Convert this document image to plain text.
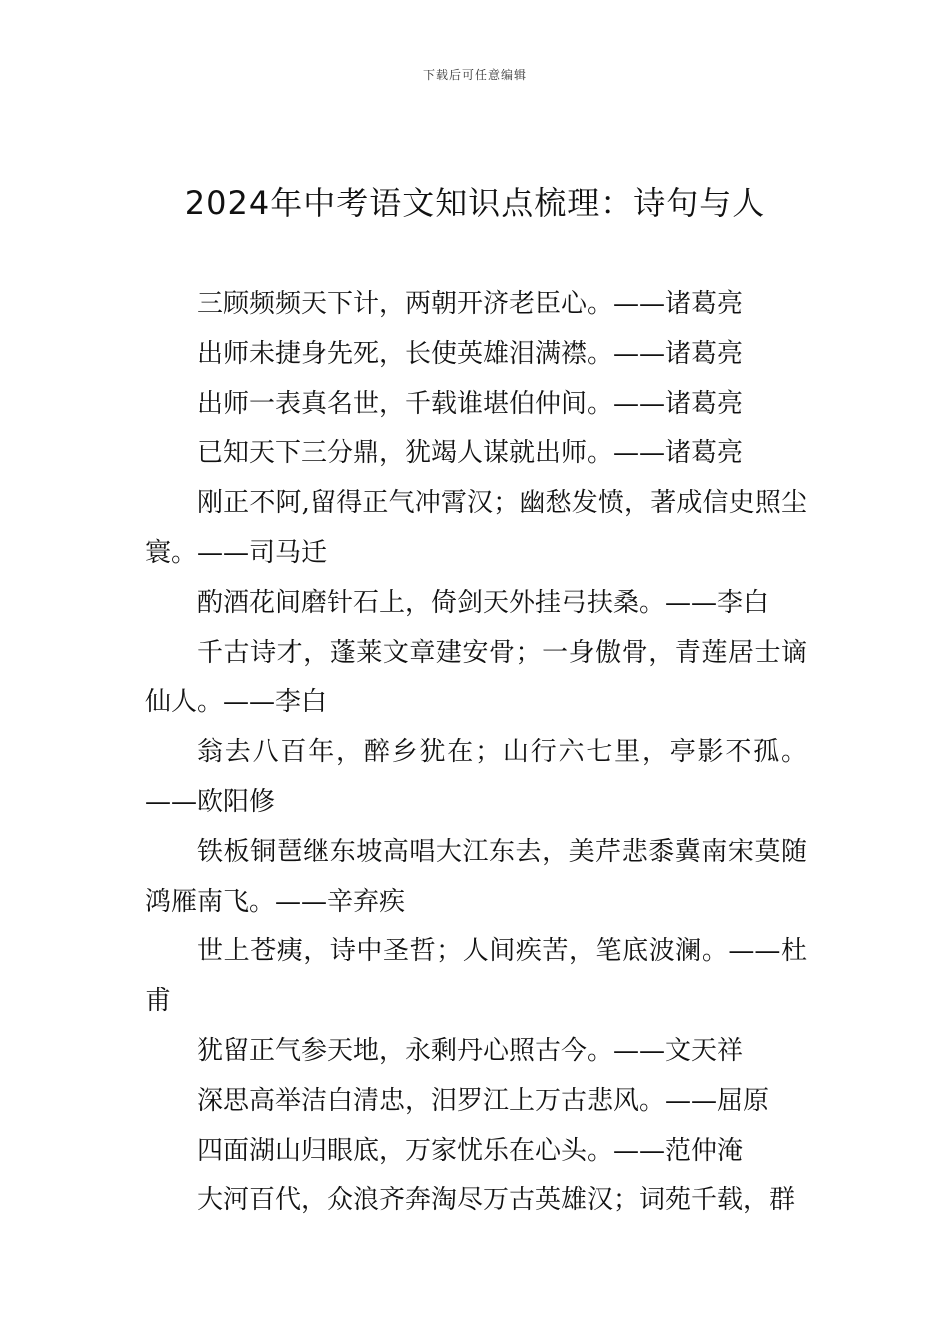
下载后可任意编辑
2024年中考语文知识点梳理：诗句与人

三顾频频天下计，两朝开济老臣心。——诸葛亮

出师未捷身先死，长使英雄泪满襟。——诸葛亮

出师一表真名世，千载谁堪伯仲间。——诸葛亮

已知天下三分鼎，犹竭人谋就出师。——诸葛亮

刚正不阿,留得正气冲霄汉；幽愁发愤，著成信史照尘寰。——司马迁

酌酒花间磨针石上，倚剑天外挂弓扶桑。——李白

千古诗才，蓬莱文章建安骨；一身傲骨，青莲居士谪仙人。——李白

翁去八百年，醉乡犹在；山行六七里，亭影不孤。——欧阳修

铁板铜琶继东坡高唱大江东去，美芹悲黍冀南宋莫随鸿雁南飞。——辛弃疾

世上苍痍，诗中圣哲；人间疾苦，笔底波澜。——杜甫

犹留正气参天地，永剩丹心照古今。——文天祥

深思高举洁白清忠，汨罗江上万古悲风。——屈原

四面湖山归眼底，万家忧乐在心头。——范仲淹

大河百代，众浪齐奔淘尽万古英雄汉；词苑千载，群
